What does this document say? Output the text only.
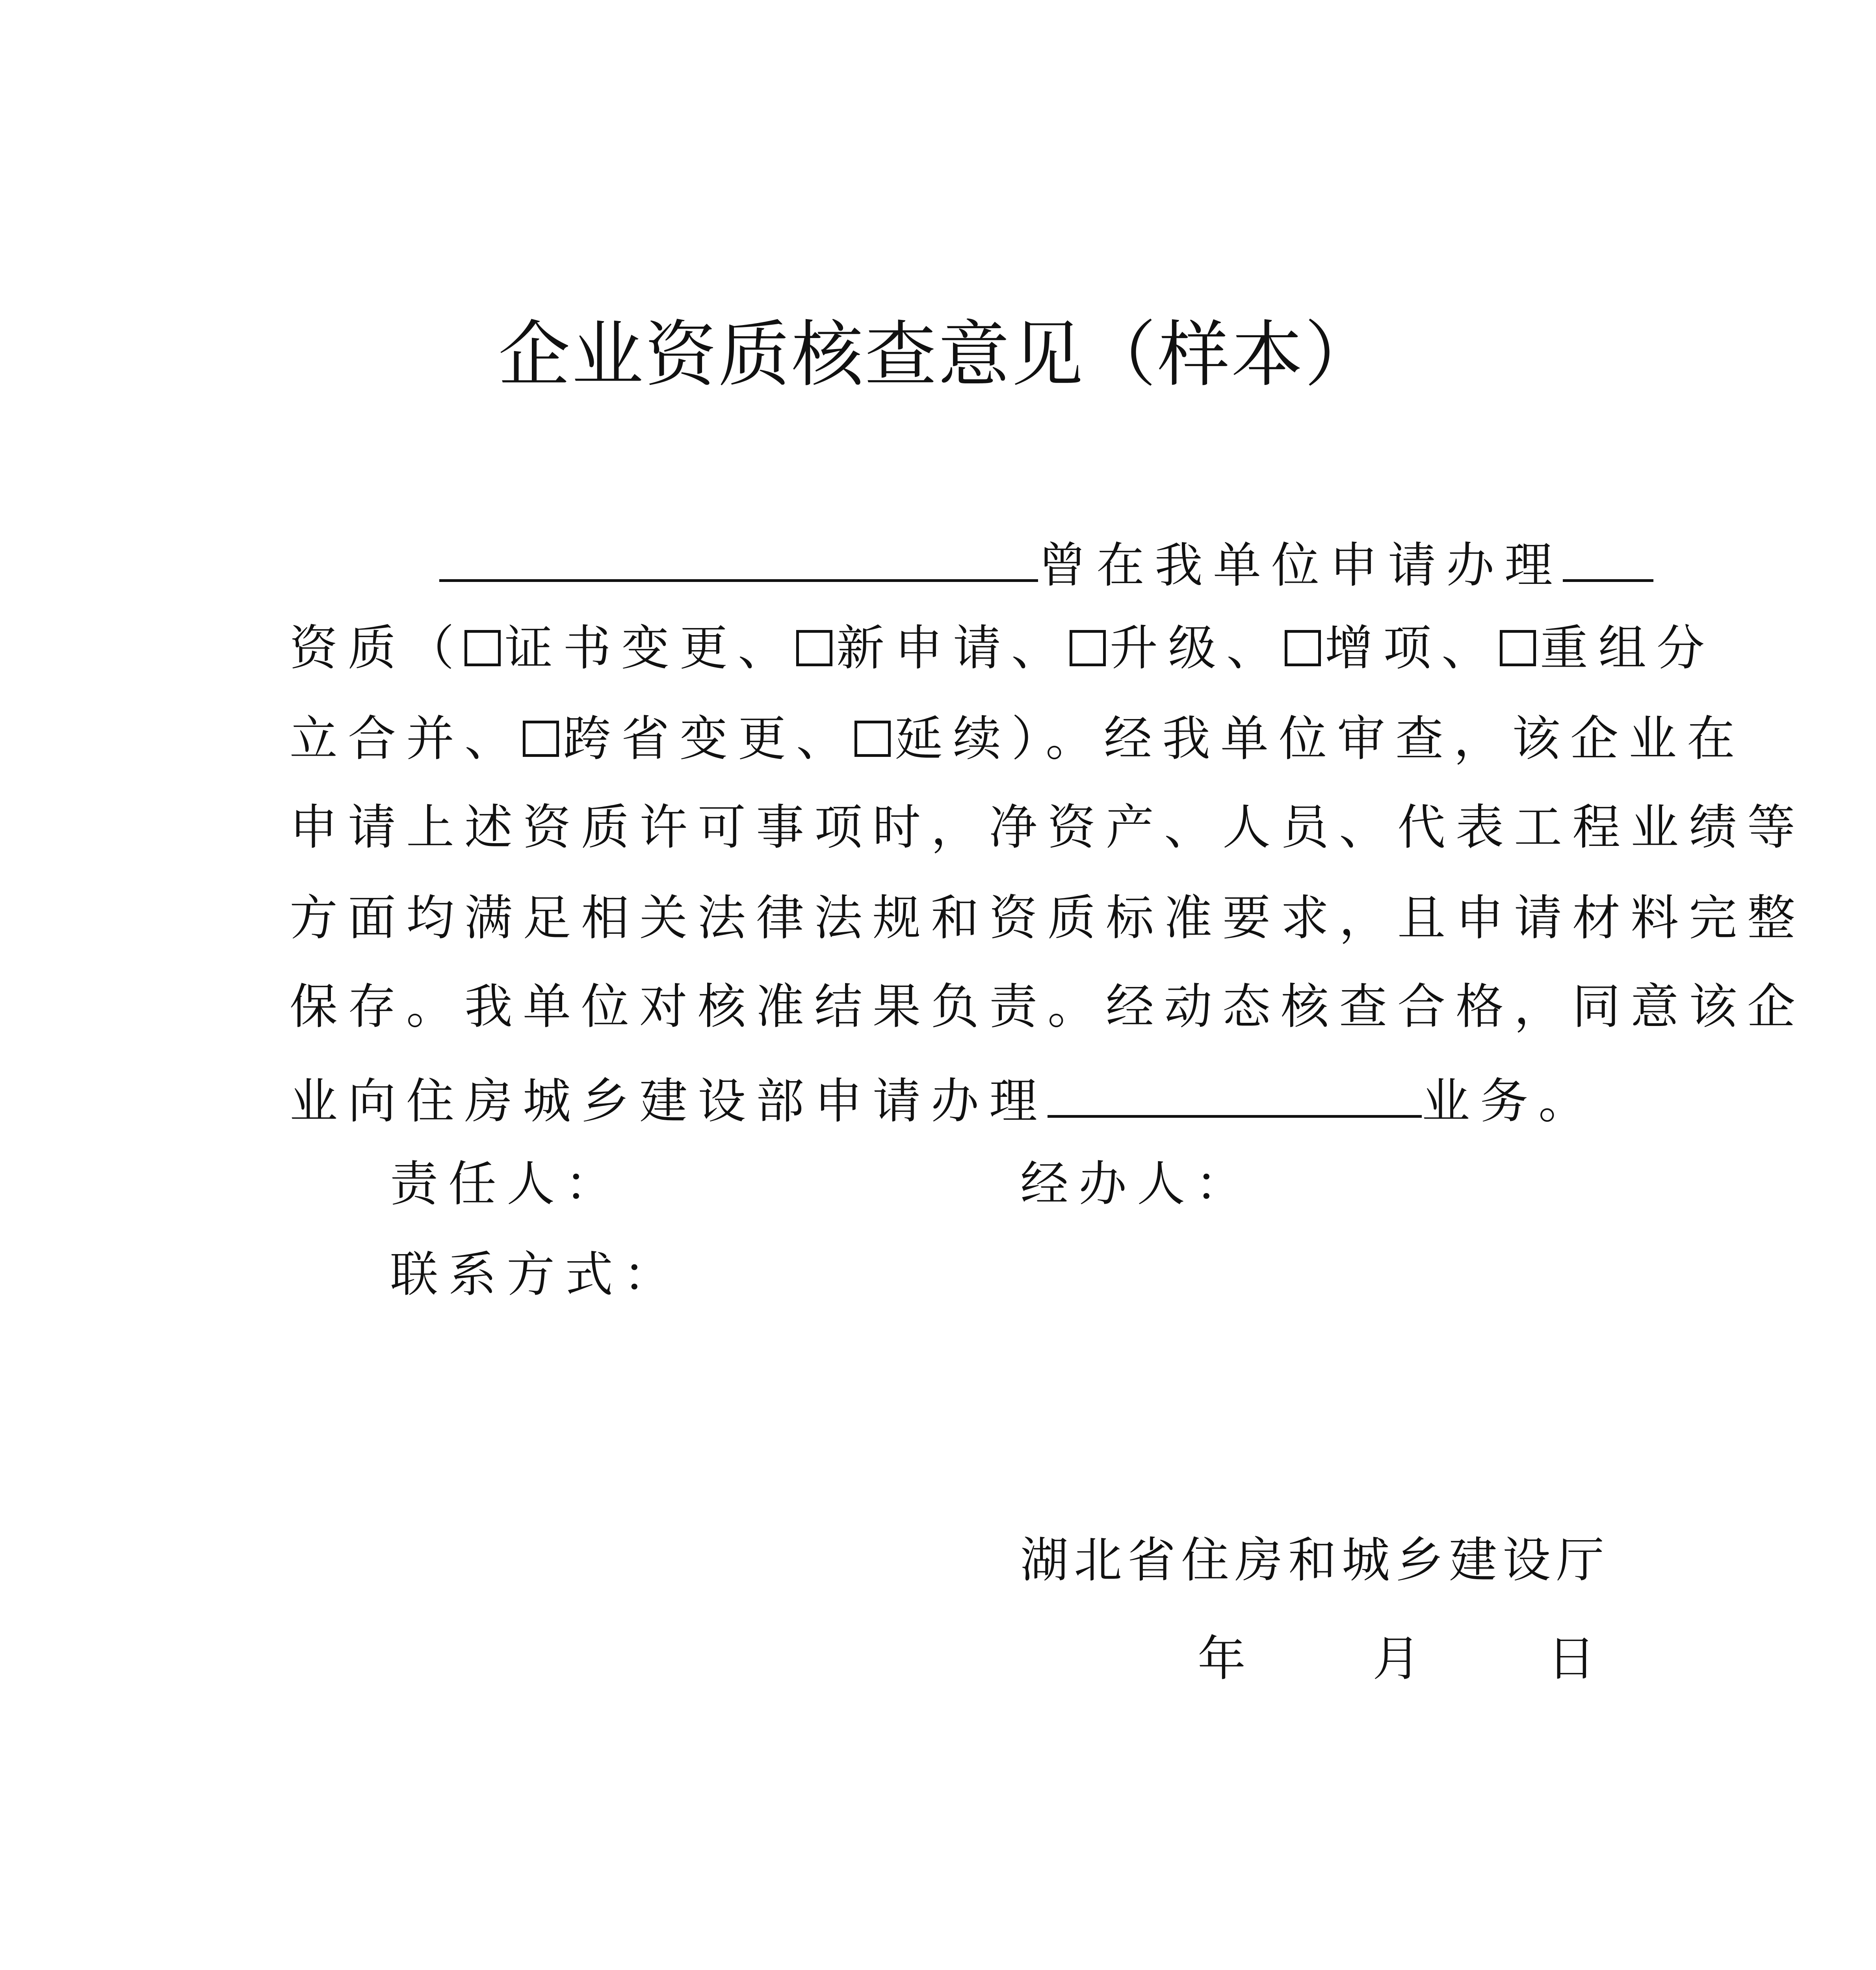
企业资质核查意见（样本）
曾在我单位申请办理
资质（ 证书变更、 新申请、 升级、 增项、 重组分
立合并、 跨省变更、 延续）。经我单位审查，该企业在
申请上述资质许可事项时，净资产、人员、代表工程业绩等
方面均满足相关法律法规和资质标准要求，且申请材料完整
保存。我单位对核准结果负责。经动态核查合格，同意该企
业向住房城乡建设部申请办理	业务。
责任人：	经办人：
联系方式：
湖北省住房和城乡建设厅
年　　月　　日
